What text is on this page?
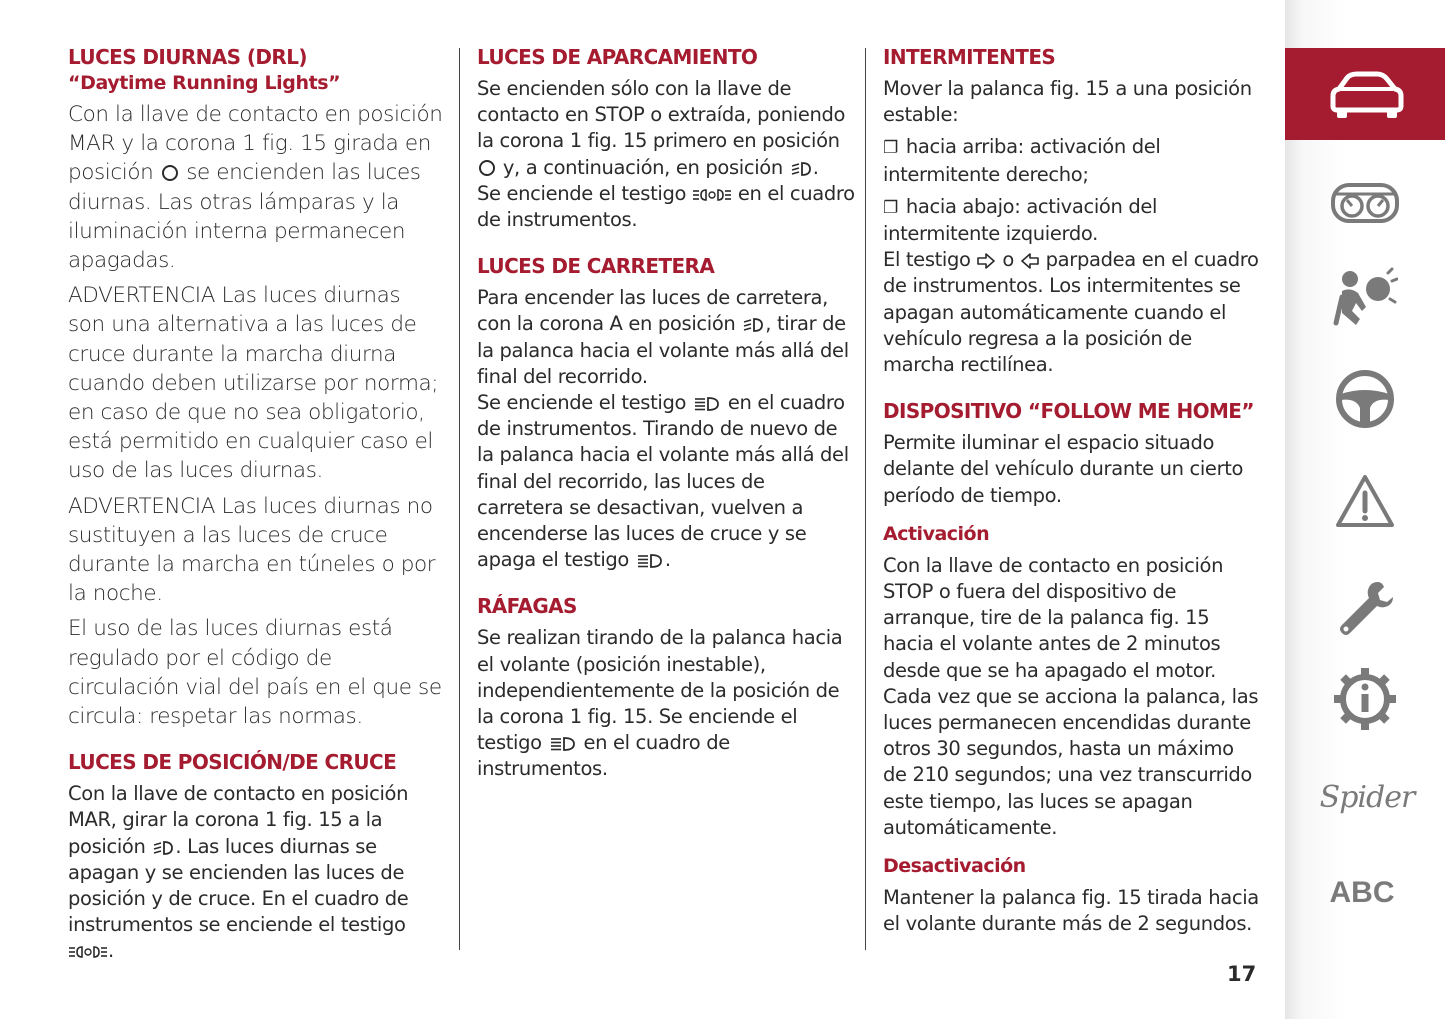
LUCES DIURNAS (DRL)
“Daytime Running Lights”

Con la llave de contacto en posición MAR y la corona 1 fig. 15 girada en posición se encienden las luces diurnas. Las otras lámparas y la iluminación interna permanecen apagadas.

ADVERTENCIA Las luces diurnas son una alternativa a las luces de cruce durante la marcha diurna cuando deben utilizarse por norma; en caso de que no sea obligatorio, está permitido en cualquier caso el uso de las luces diurnas.

ADVERTENCIA Las luces diurnas no sustituyen a las luces de cruce durante la marcha en túneles o por la noche.

El uso de las luces diurnas está regulado por el código de circulación vial del país en el que se circula: respetar las normas.

LUCES DE POSICIÓN/DE CRUCE

Con la llave de contacto en posición MAR, girar la corona 1 fig. 15 a la posición . Las luces diurnas se apagan y se encienden las luces de posición y de cruce. En el cuadro de instrumentos se enciende el testigo .

LUCES DE APARCAMIENTO

Se encienden sólo con la llave de contacto en STOP o extraída, poniendo la corona 1 fig. 15 primero en posición  y, a continuación, en posición .

Se enciende el testigo	en el cuadro de instrumentos.

LUCES DE CARRETERA

Para encender las luces de carretera, con la corona A en posición , tirar de la palanca hacia el volante más allá del final del recorrido.

Se enciende el testigo en el cuadro de instrumentos. Tirando de nuevo de la palanca hacia el volante más allá del final del recorrido, las luces de carretera se desactivan, vuelven a encenderse las luces de cruce y se apaga el testigo .

RÁFAGAS

Se realizan tirando de la palanca hacia el volante (posición inestable), independientemente de la posición de la corona 1 fig. 15. Se enciende el testigo en el cuadro de instrumentos.

INTERMITENTES

Mover la palanca fig. 15 a una posición estable:

❐ hacia arriba: activación del intermitente derecho;

❐ hacia abajo: activación del intermitente izquierdo.

El testigo o parpadea en el cuadro de instrumentos. Los intermitentes se apagan automáticamente cuando el vehículo regresa a la posición de marcha rectilínea.

DISPOSITIVO “FOLLOW ME HOME”

Permite iluminar el espacio situado delante del vehículo durante un cierto período de tiempo.

Activación

Con la llave de contacto en posición STOP o fuera del dispositivo de arranque, tire de la palanca fig. 15 hacia el volante antes de 2 minutos desde que se ha apagado el motor.

Cada vez que se acciona la palanca, las luces permanecen encendidas durante otros 30 segundos, hasta un máximo de 210 segundos; una vez transcurrido este tiempo, las luces se apagan automáticamente.

Desactivación

Mantener la palanca fig. 15 tirada hacia el volante durante más de 2 segundos.

17
Spider
ABC
